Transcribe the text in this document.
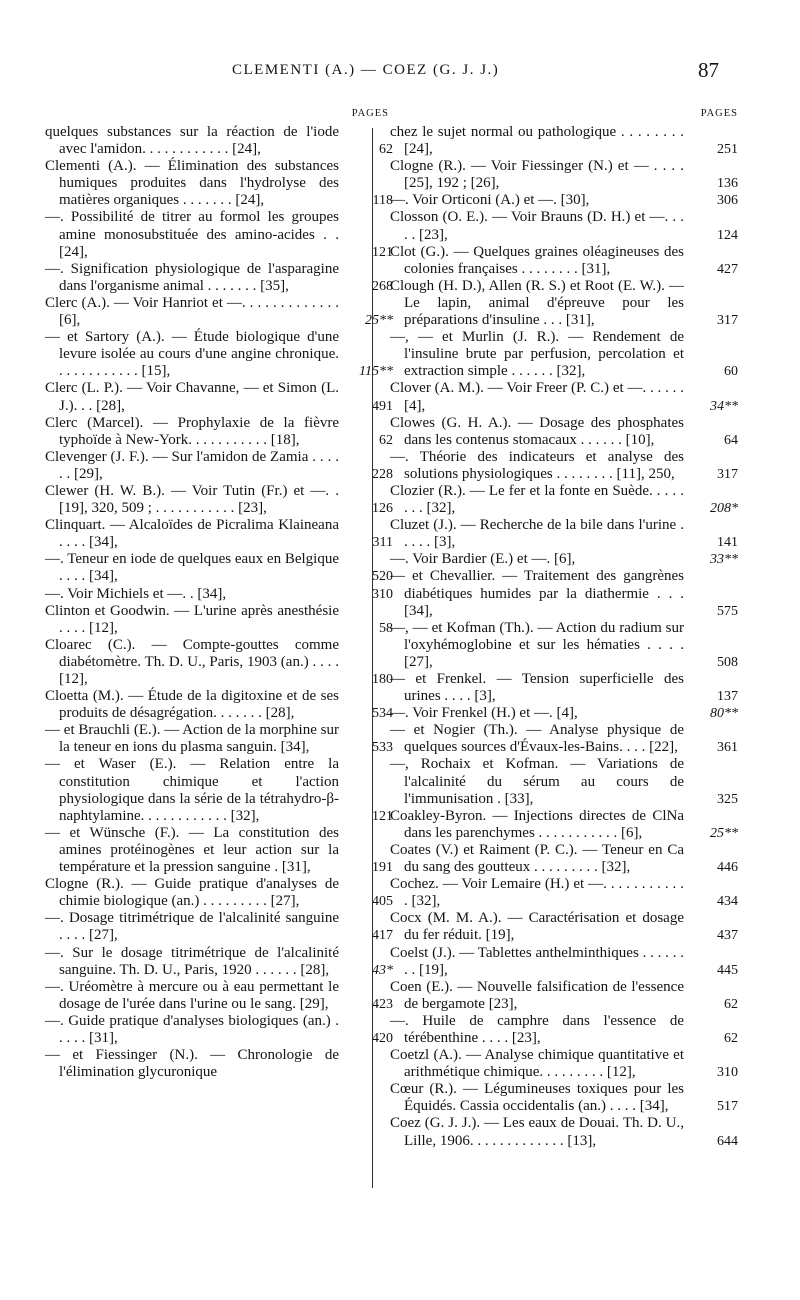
CLEMENTI (A.) — COEZ (G. J. J.)	87
PAGES
quelques substances sur la réaction de l'iode avec l'amidon. . . . . . . . . . . . [24],	62
Clementi (A.). — Élimination des substances humiques produites dans l'hydrolyse des matières organiques . . . . . . . [24],	118
—. Possibilité de titrer au formol les groupes amine monosubstituée des amino-acides . . [24],	121
—. Signification physiologique de l'asparagine dans l'organisme animal . . . . . . . [35],	268
Clerc (A.). — Voir Hanriot et —. . . . . . . . . . . . . [6],	25**
— et Sartory (A.). — Étude biologique d'une levure isolée au cours d'une angine chronique. . . . . . . . . . . . [15],	115**
Clerc (L. P.). — Voir Chavanne, — et Simon (L. J.). . . [28],	491
Clerc (Marcel). — Prophylaxie de la fièvre typhoïde à New-York. . . . . . . . . . . [18],	62
Clevenger (J. F.). — Sur l'amidon de Zamia . . . . . . [29],	228
Clewer (H. W. B.). — Voir Tutin (Fr.) et —. . [19], 320, 509 ; . . . . . . . . . . . [23],	126
Clinquart. — Alcaloïdes de Picralima Klaineana . . . . [34],	311
—. Teneur en iode de quelques eaux en Belgique . . . . [34],	520
—. Voir Michiels et —. . [34],	310
Clinton et Goodwin. — L'urine après anesthésie . . . . [12],	58
Cloarec (C.). — Compte-gouttes comme diabétomètre. Th. D. U., Paris, 1903 (an.) . . . . [12],	180
Cloetta (M.). — Étude de la digitoxine et de ses produits de désagrégation. . . . . . . [28],	534
— et Brauchli (E.). — Action de la morphine sur la teneur en ions du plasma sanguin. [34],	533
— et Waser (E.). — Relation entre la constitution chimique et l'action physiologique dans la série de la tétrahydro-β-naphtylamine. . . . . . . . . . . . [32],	121
— et Wünsche (F.). — La constitution des amines protéinogènes et leur action sur la température et la pression sanguine . [31],	191
Clogne (R.). — Guide pratique d'analyses de chimie biologique (an.) . . . . . . . . . [27],	405
—. Dosage titrimétrique de l'alcalinité sanguine . . . . [27],	417
—. Sur le dosage titrimétrique de l'alcalinité sanguine. Th. D. U., Paris, 1920 . . . . . . [28],	43*
—. Uréomètre à mercure ou à eau permettant le dosage de l'urée dans l'urine ou le sang. [29],	423
—. Guide pratique d'analyses biologiques (an.) . . . . . [31],	420
— et Fiessinger (N.). — Chronologie de l'élimination glycuronique
PAGES
chez le sujet normal ou pathologique . . . . . . . . [24],	251
Clogne (R.). — Voir Fiessinger (N.) et — . . . . [25], 192 ; [26],	136
—. Voir Orticoni (A.) et —. [30],	306
Closson (O. E.). — Voir Brauns (D. H.) et —. . . . . [23],	124
Clot (G.). — Quelques graines oléagineuses des colonies françaises . . . . . . . . [31],	427
Clough (H. D.), Allen (R. S.) et Root (E. W.). — Le lapin, animal d'épreuve pour les préparations d'insuline . . . [31],	317
—, — et Murlin (J. R.). — Rendement de l'insuline brute par perfusion, percolation et extraction simple . . . . . . [32],	60
Clover (A. M.). — Voir Freer (P. C.) et —. . . . . . [4],	34**
Clowes (G. H. A.). — Dosage des phosphates dans les contenus stomacaux . . . . . . [10],	64
—. Théorie des indicateurs et analyse des solutions physiologiques . . . . . . . . [11], 250,	317
Clozier (R.). — Le fer et la fonte en Suède. . . . . . . . [32],	208*
Cluzet (J.). — Recherche de la bile dans l'urine . . . . . [3],	141
—. Voir Bardier (E.) et —. [6],	33**
— et Chevallier. — Traitement des gangrènes diabétiques humides par la diathermie . . . [34],	575
—, — et Kofman (Th.). — Action du radium sur l'oxyhémoglobine et sur les hématies . . . . [27],	508
— et Frenkel. — Tension superficielle des urines . . . . [3],	137
—. Voir Frenkel (H.) et —. [4],	80**
— et Nogier (Th.). — Analyse physique de quelques sources d'Évaux-les-Bains. . . . [22],	361
—, Rochaix et Kofman. — Variations de l'alcalinité du sérum au cours de l'immunisation . [33],	325
Coakley-Byron. — Injections directes de ClNa dans les parenchymes . . . . . . . . . . . [6],	25**
Coates (V.) et Raiment (P. C.). — Teneur en Ca du sang des goutteux . . . . . . . . . [32],	446
Cochez. — Voir Lemaire (H.) et —. . . . . . . . . . . . [32],	434
Cocx (M. M. A.). — Caractérisation et dosage du fer réduit. [19],	437
Coelst (J.). — Tablettes anthelminthiques . . . . . . . . [19],	445
Coen (E.). — Nouvelle falsification de l'essence de bergamote [23],	62
—. Huile de camphre dans l'essence de térébenthine . . . . [23],	62
Coetzl (A.). — Analyse chimique quantitative et arithmétique chimique. . . . . . . . . [12],	310
Cœur (R.). — Légumineuses toxiques pour les Équidés. Cassia occidentalis (an.) . . . . [34],	517
Coez (G. J. J.). — Les eaux de Douai. Th. D. U., Lille, 1906. . . . . . . . . . . . . [13],	644
